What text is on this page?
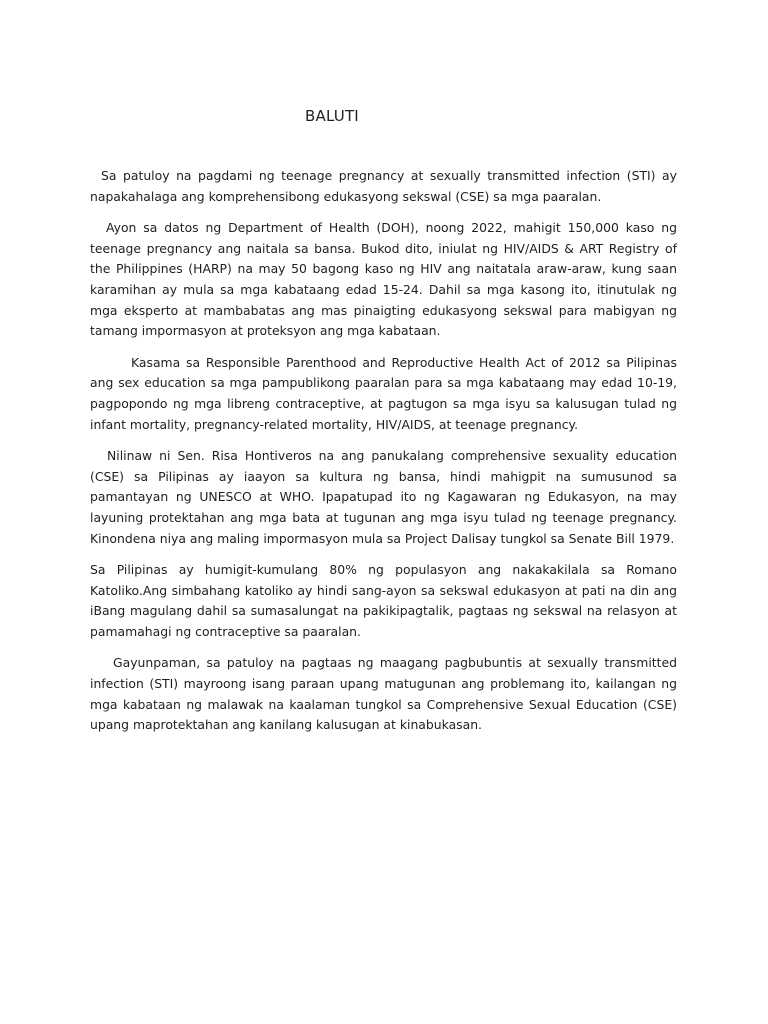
BALUTI

Sa patuloy na pagdami ng teenage pregnancy at sexually transmitted infection (STI) ay napakahalaga ang komprehensibong edukasyong sekswal (CSE) sa mga paaralan.

Ayon sa datos ng Department of Health (DOH), noong 2022, mahigit 150,000 kaso ng teenage pregnancy ang naitala sa bansa. Bukod dito, iniulat ng HIV/AIDS & ART Registry of the Philippines (HARP) na may 50 bagong kaso ng HIV ang naitatala araw-araw, kung saan karamihan ay mula sa mga kabataang edad 15-24. Dahil sa mga kasong ito, itinutulak ng mga eksperto at mambabatas ang mas pinaigting edukasyong sekswal para mabigyan ng tamang impormasyon at proteksyon ang mga kabataan.

Kasama sa Responsible Parenthood and Reproductive Health Act of 2012 sa Pilipinas ang sex education sa mga pampublikong paaralan para sa mga kabataang may edad 10-19, pagpopondo ng mga libreng contraceptive, at pagtugon sa mga isyu sa kalusugan tulad ng infant mortality, pregnancy-related mortality, HIV/AIDS, at teenage pregnancy.

Nilinaw ni Sen. Risa Hontiveros na ang panukalang comprehensive sexuality education (CSE) sa Pilipinas ay iaayon sa kultura ng bansa, hindi mahigpit na sumusunod sa pamantayan ng UNESCO at WHO. Ipapatupad ito ng Kagawaran ng Edukasyon, na may layuning protektahan ang mga bata at tugunan ang mga isyu tulad ng teenage pregnancy. Kinondena niya ang maling impormasyon mula sa Project Dalisay tungkol sa Senate Bill 1979.

Sa Pilipinas ay humigit-kumulang 80% ng populasyon ang nakakakilala sa Romano Katoliko.Ang simbahang katoliko ay hindi sang-ayon sa sekswal edukasyon at pati na din ang iBang magulang dahil sa sumasalungat na pakikipagtalik, pagtaas ng sekswal na relasyon at pamamahagi ng contraceptive sa paaralan.

Gayunpaman, sa patuloy na pagtaas ng maagang pagbubuntis at sexually transmitted infection (STI) mayroong isang paraan upang matugunan ang problemang ito, kailangan ng mga kabataan ng malawak na kaalaman tungkol sa Comprehensive Sexual Education (CSE) upang maprotektahan ang kanilang kalusugan at kinabukasan.
